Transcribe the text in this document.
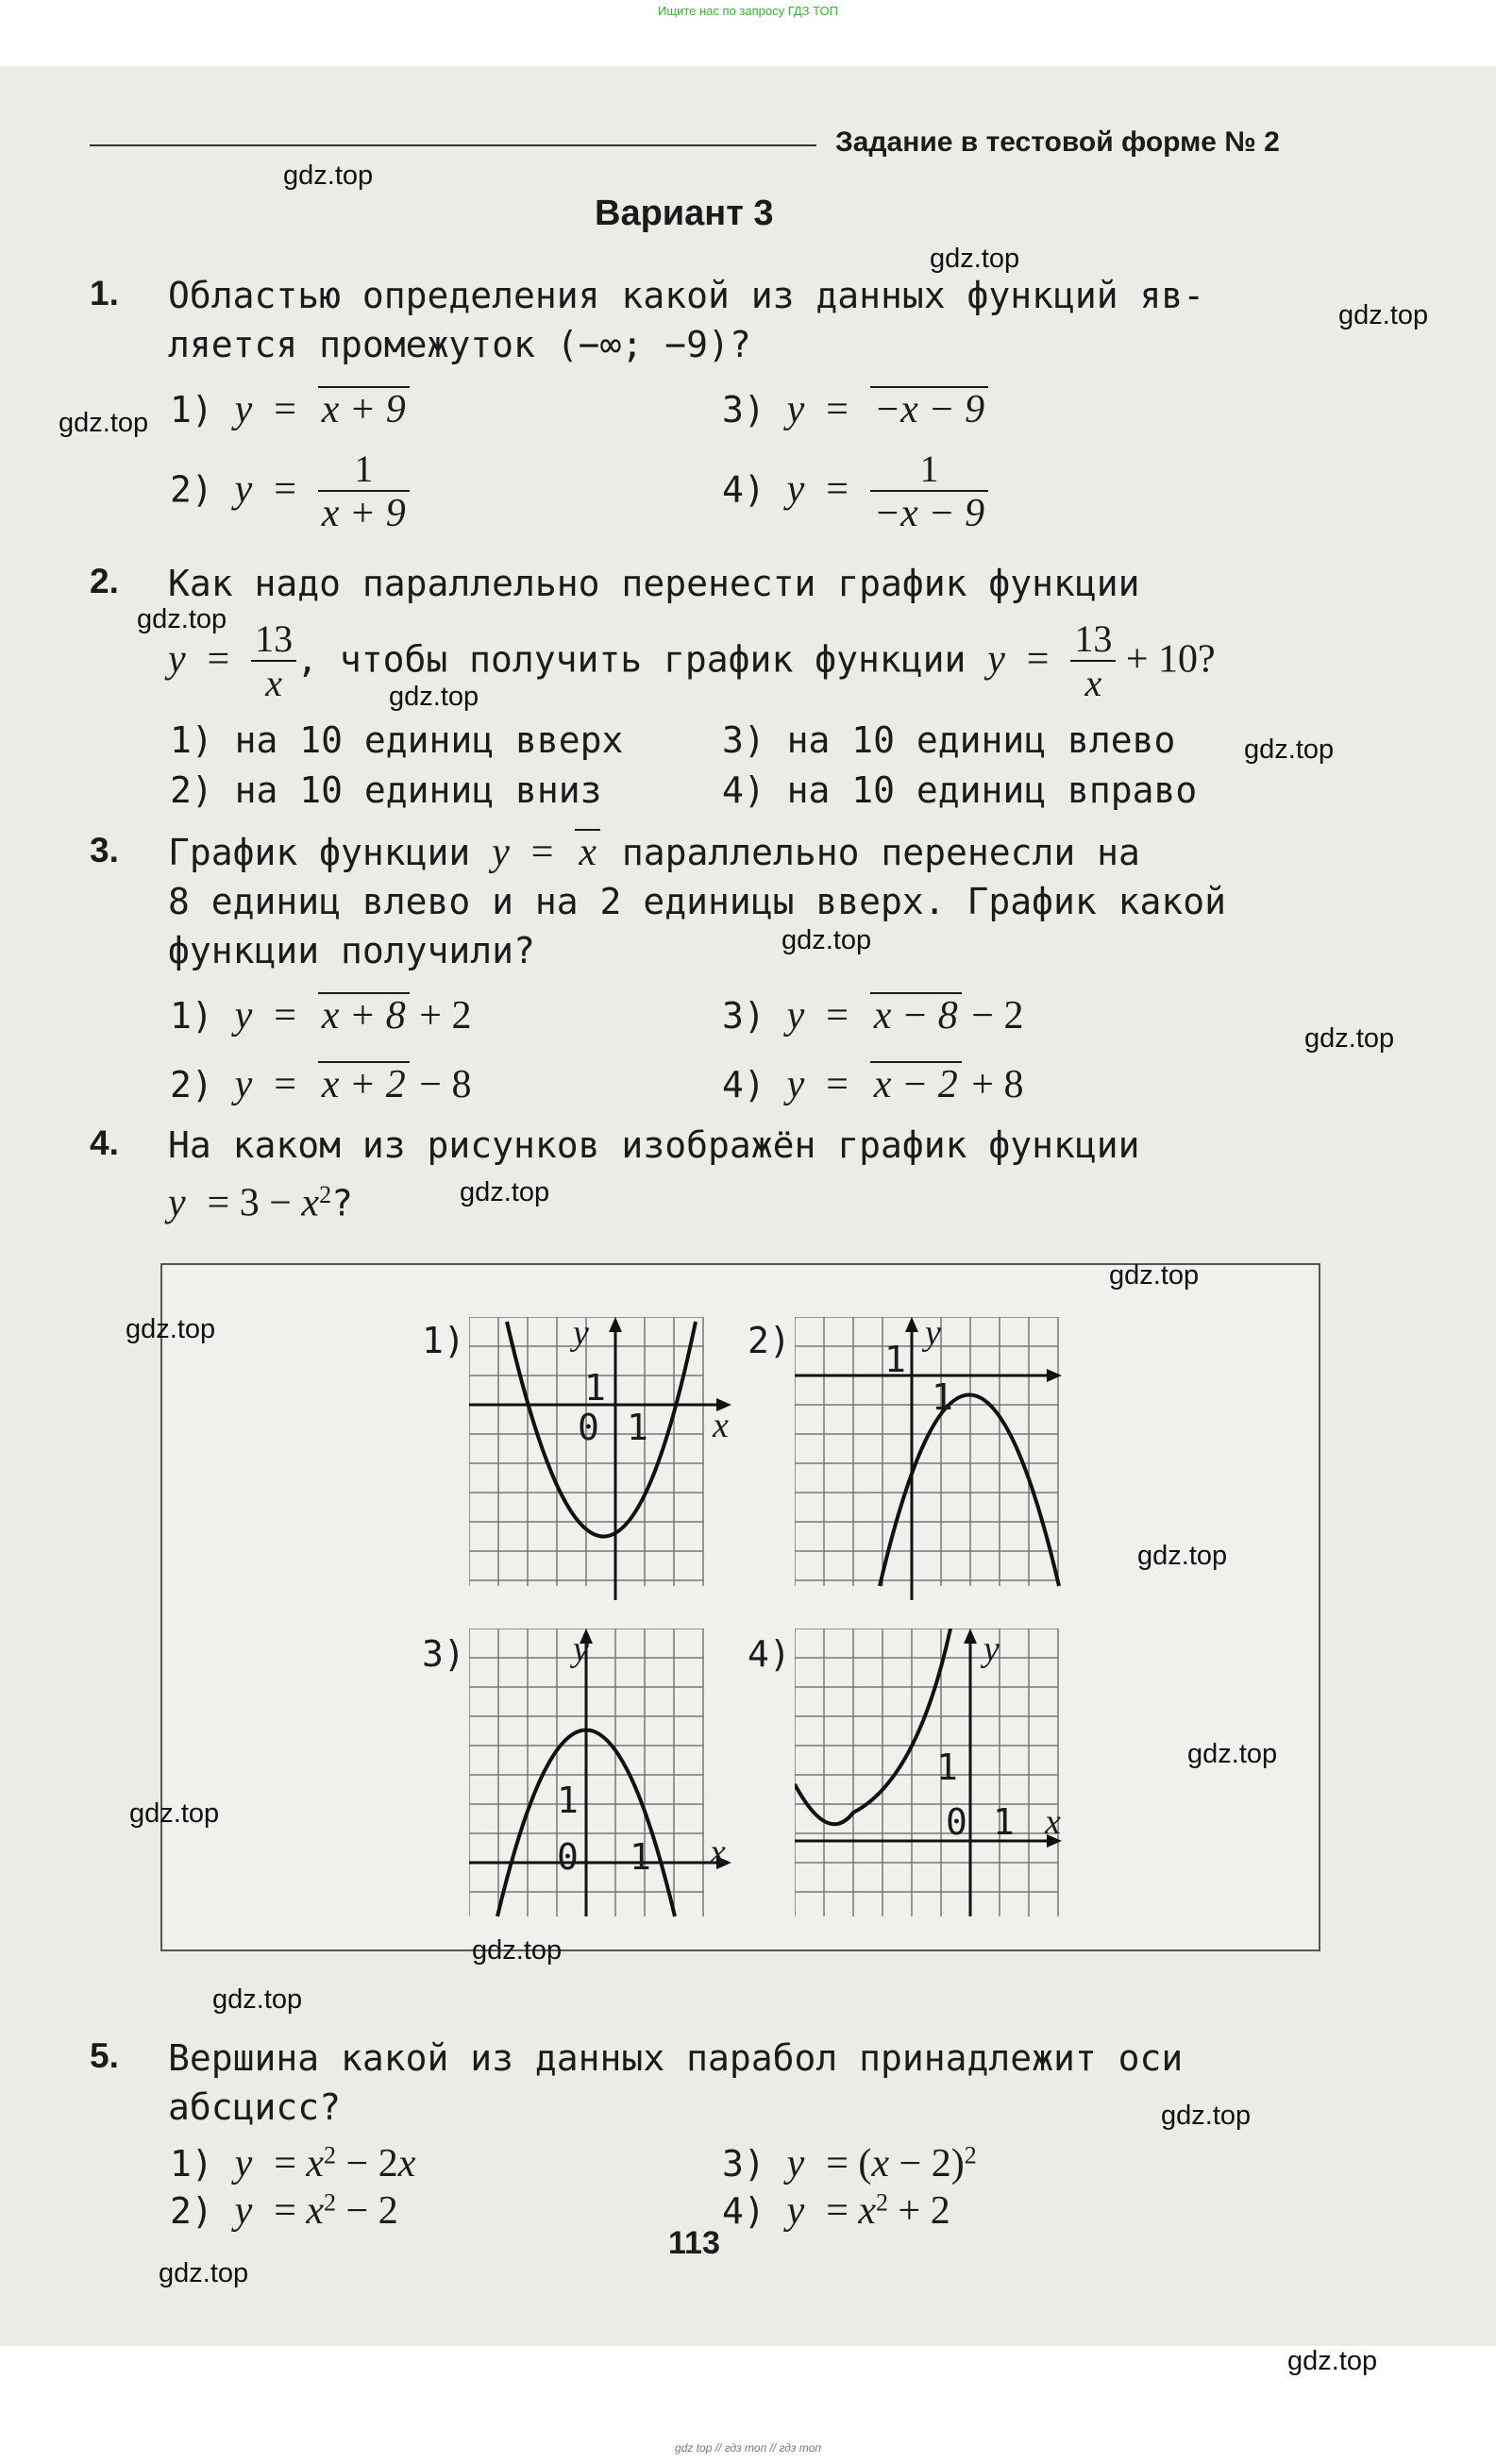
Ищите нас по запросу ГДЗ ТОП
Задание в тестовой форме № 2
Вариант 3
1. Областью определения какой из данных функций яв-
ляется промежуток (−∞; −9)?
1) y = x + 9	3) y = −x − 9
2) $y = \frac{1}{x + 9}$	4) $y = \frac{1}{-x - 9}$
2. Как надо параллельно перенести график функции
$y = \frac{13}{x}$ , чтобы получить график функции $y = \frac{13}{x} + 10$?
1) на 10 единиц вверх	3) на 10 единиц влево
2) на 10 единиц вниз	4) на 10 единиц вправо
3. График функции y = x параллельно перенесли на
8 единиц влево и на 2 единицы вверх. График какой
функции получили?
1) y = x + 8 + 2	3) y = x − 8 − 2
2) y = x + 2 − 8	4) y = x − 2 + 8
4. На каком из рисунков изображён график функции
$y = 3 - x^2$?
1)	2)
3)	4)
y
1
0 1 x
y
1
1
y
1
0 1 x
y
1
0 1 x
5. Вершина какой из данных парабол принадлежит оси
абсцисс?
1) $y = x^2 - 2x$	3) $y = (x - 2)^2$
2) $y = x^2 - 2$	4) $y = x^2 + 2$
113
gdz.top
gdz.top
gdz.top
gdz.top
gdz.top
gdz.top
gdz.top
gdz.top
gdz.top
gdz.top
gdz.top
gdz.top
gdz.top
gdz.top
gdz.top
gdz.top
gdz.top
gdz.top
gdz.top
gdz.top
gdz top // гдз топ // гдз топ
